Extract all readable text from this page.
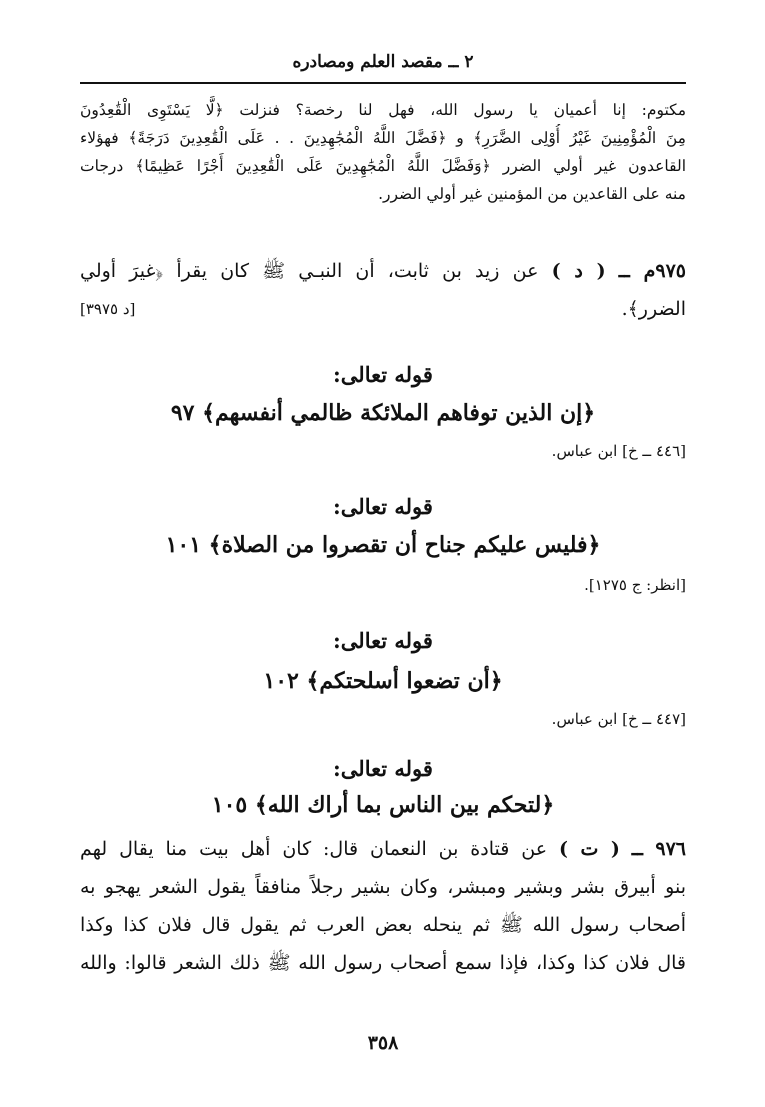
٢ ــ مقصد العلم ومصادره
مكتوم: إنا أعميان يا رسول الله، فهل لنا رخصة؟ فنزلت ﴿لَّا يَسْتَوِى الْقَٰعِدُونَ
مِنَ الْمُؤْمِنِينَ غَيْرُ أُوْلِى الضَّرَرِ﴾ و ﴿فَضَّلَ اللَّهُ الْمُجَٰهِدِينَ . . عَلَى الْقَٰعِدِينَ دَرَجَةً﴾ فهؤلاء
القاعدون غير أولي الضرر ﴿وَفَضَّلَ اللَّهُ الْمُجَٰهِدِينَ عَلَى الْقَٰعِدِينَ أَجْرًا عَظِيمًا﴾ درجات
منه على القاعدين من المؤمنين غير أولي الضرر.
٩٧٥م ــ ( د ) عن زيد بن ثابت، أن النبـي ﷺ كان يقرأ ﴿غيرَ أولي
الضرر﴾.
[د ٣٩٧٥]
قوله تعالى:
﴿إن الذين توفاهم الملائكة ظالمي أنفسهم﴾ ٩٧
[٤٤٦ ــ خ] ابن عباس.
قوله تعالى:
﴿فليس عليكم جناح أن تقصروا من الصلاة﴾ ١٠١
[انظر: ج ١٢٧٥].
قوله تعالى:
﴿أن تضعوا أسلحتكم﴾ ١٠٢
[٤٤٧ ــ خ] ابن عباس.
قوله تعالى:
﴿لتحكم بين الناس بما أراك الله﴾ ١٠٥
٩٧٦ ــ ( ت ) عن قتادة بن النعمان قال: كان أهل بيت منا يقال لهم
بنو أبيرق بشر وبشير ومبشر، وكان بشير رجلاً منافقاً يقول الشعر يهجو به
أصحاب رسول الله ﷺ ثم ينحله بعض العرب ثم يقول قال فلان كذا وكذا
قال فلان كذا وكذا، فإذا سمع أصحاب رسول الله ﷺ ذلك الشعر قالوا: والله
٣٥٨
